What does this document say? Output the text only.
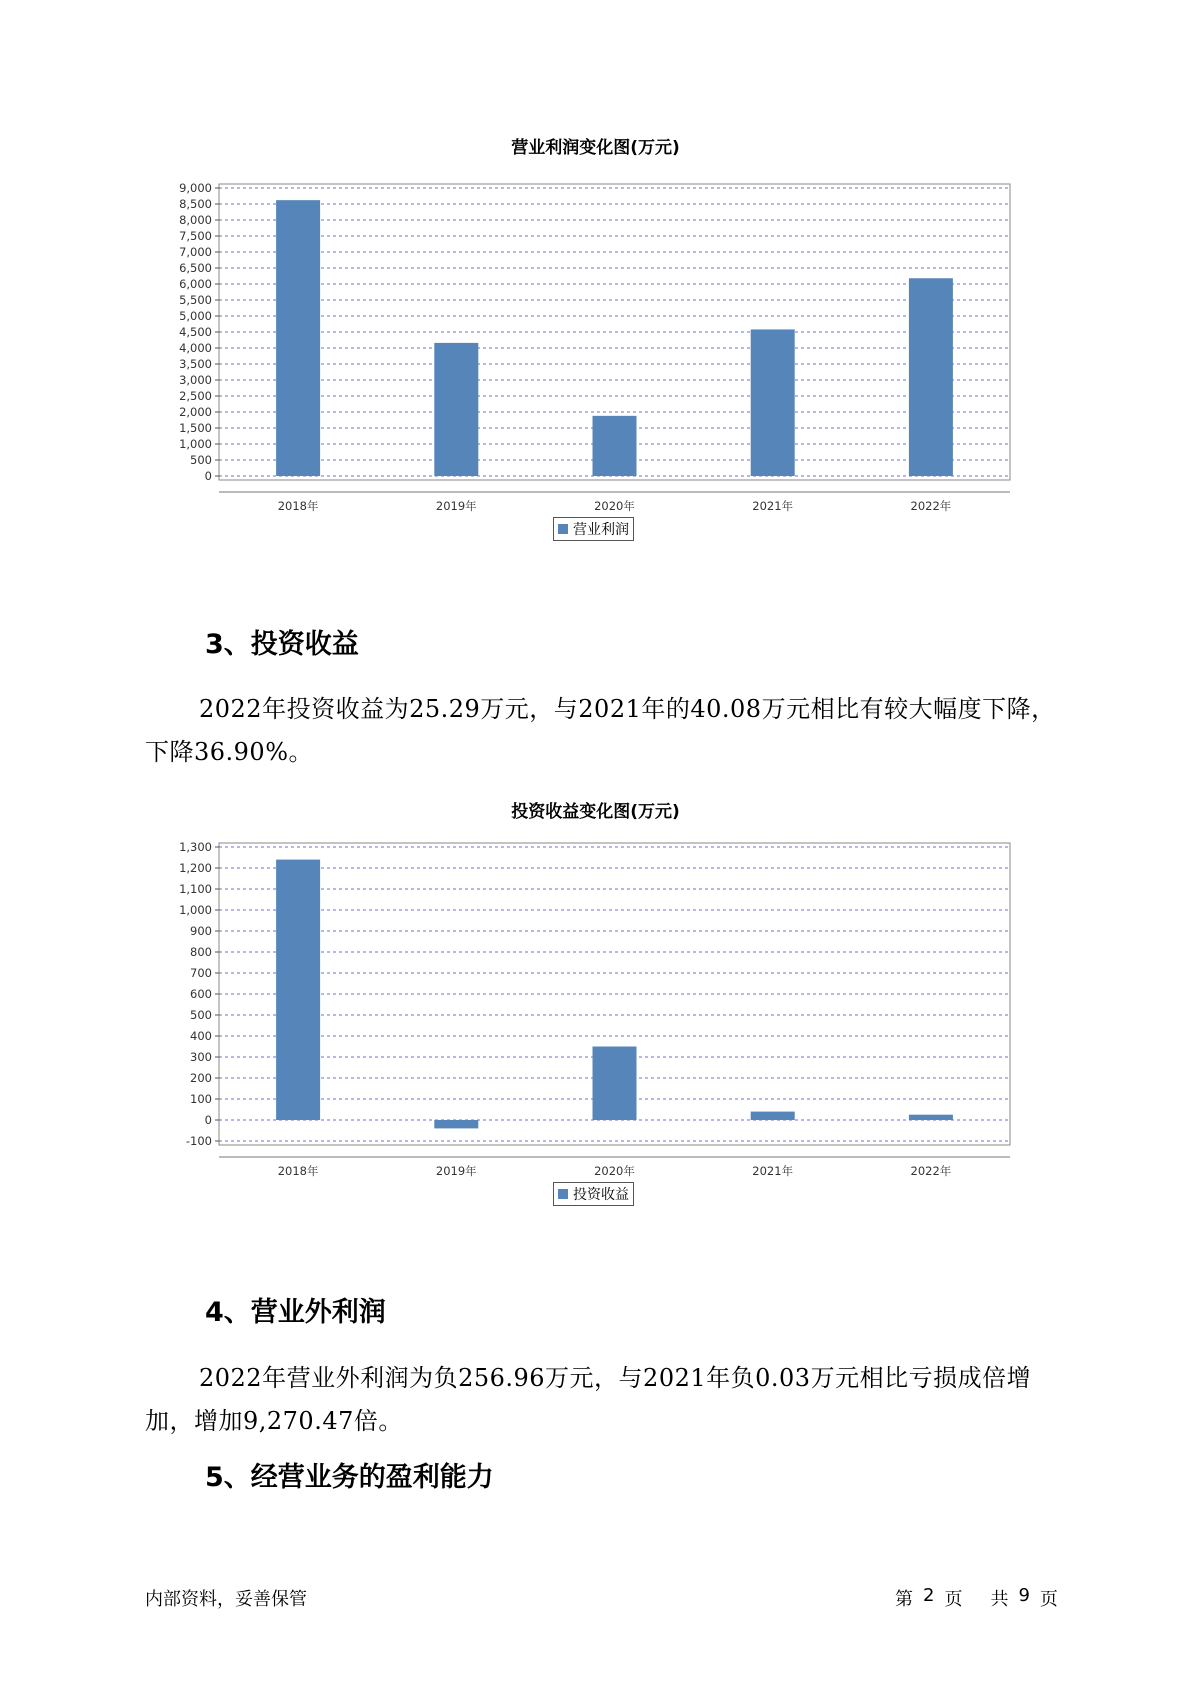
营业利润变化图(万元)
0
500
1,000
1,500
2,000
2,500
3,000
3,500
4,000
4,500
5,000
5,500
6,000
6,500
7,000
7,500
8,000
8,500
9,000
2018年	2019年	2020年	2021年	2022年
营业利润
3、投资收益

2022年投资收益为25.29万元，与2021年的40.08万元相比有较大幅度下降，下降36.90%。

投资收益变化图(万元)
-100
0
100
200
300
400
500
600
700
800
900
1,000
1,100
1,200
1,300
2018年	2019年	2020年	2021年	2022年
投资收益
4、营业外利润

2022年营业外利润为负256.96万元，与2021年负0.03万元相比亏损成倍增加，增加9,270.47倍。

5、经营业务的盈利能力
内部资料，妥善保管	第 2 页 共 9 页
